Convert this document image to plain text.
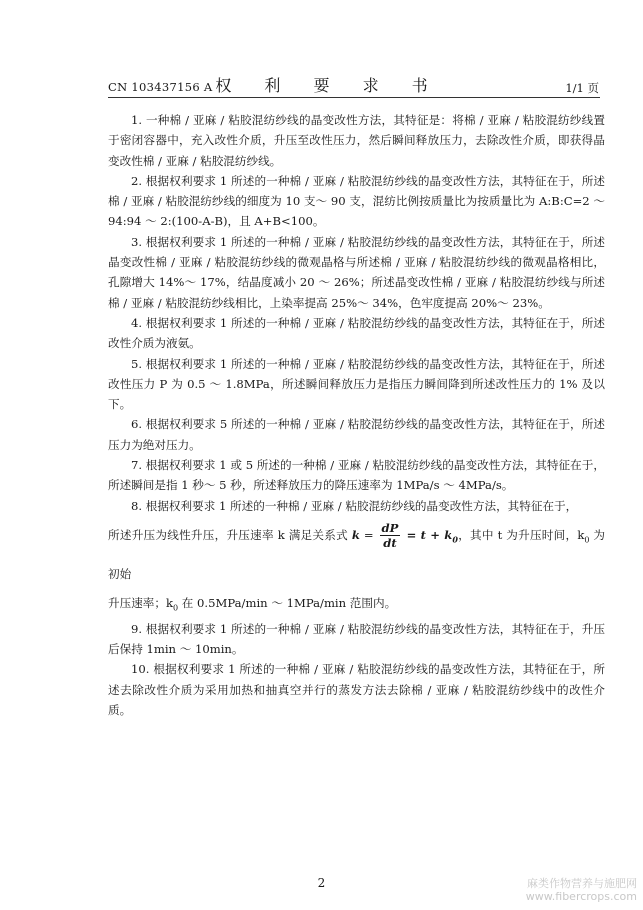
CN 103437156 A 权 利 要 求 书	1/1 页

1. 一种棉 / 亚麻 / 粘胶混纺纱线的晶变改性方法，其特征是：将棉 / 亚麻 / 粘胶混纺纱线置于密闭容器中，充入改性介质，升压至改性压力，然后瞬间释放压力，去除改性介质，即获得晶变改性棉 / 亚麻 / 粘胶混纺纱线。

2. 根据权利要求 1 所述的一种棉 / 亚麻 / 粘胶混纺纱线的晶变改性方法，其特征在于，所述棉 / 亚麻 / 粘胶混纺纱线的细度为 10 支～ 90 支，混纺比例按质量比为按质量比为 A:B:C=2 ～ 94:94 ～ 2:(100-A-B)，且 A+B<100。

3. 根据权利要求 1 所述的一种棉 / 亚麻 / 粘胶混纺纱线的晶变改性方法，其特征在于，所述晶变改性棉 / 亚麻 / 粘胶混纺纱线的微观晶格与所述棉 / 亚麻 / 粘胶混纺纱线的微观晶格相比，孔隙增大 14%～ 17%，结晶度减小 20 ～ 26%；所述晶变改性棉 / 亚麻 / 粘胶混纺纱线与所述棉 / 亚麻 / 粘胶混纺纱线相比，上染率提高 25%～ 34%，色牢度提高 20%～ 23%。

4. 根据权利要求 1 所述的一种棉 / 亚麻 / 粘胶混纺纱线的晶变改性方法，其特征在于，所述改性介质为液氨。

5. 根据权利要求 1 所述的一种棉 / 亚麻 / 粘胶混纺纱线的晶变改性方法，其特征在于，所述改性压力 P 为 0.5 ～ 1.8MPa，所述瞬间释放压力是指压力瞬间降到所述改性压力的 1% 及以下。

6. 根据权利要求 5 所述的一种棉 / 亚麻 / 粘胶混纺纱线的晶变改性方法，其特征在于，所述压力为绝对压力。

7. 根据权利要求 1 或 5 所述的一种棉 / 亚麻 / 粘胶混纺纱线的晶变改性方法，其特征在于，所述瞬间是指 1 秒～ 5 秒，所述释放压力的降压速率为 1MPa/s ～ 4MPa/s。

8. 根据权利要求 1 所述的一种棉 / 亚麻 / 粘胶混纺纱线的晶变改性方法，其特征在于，

所述升压为线性升压，升压速率 k 满足关系式 $k = \frac{dP}{dt} = t + k_0$，其中 t 为升压时间，$k_0$ 为初始

升压速率；$k_0$ 在 0.5MPa/min ～ 1MPa/min 范围内。

9. 根据权利要求 1 所述的一种棉 / 亚麻 / 粘胶混纺纱线的晶变改性方法，其特征在于，升压后保持 1min ～ 10min。

10. 根据权利要求 1 所述的一种棉 / 亚麻 / 粘胶混纺纱线的晶变改性方法，其特征在于，所述去除改性介质为采用加热和抽真空并行的蒸发方法去除棉 / 亚麻 / 粘胶混纺纱线中的改性介质。

2	麻类作物营养与施肥网
www.fibercrops.com
